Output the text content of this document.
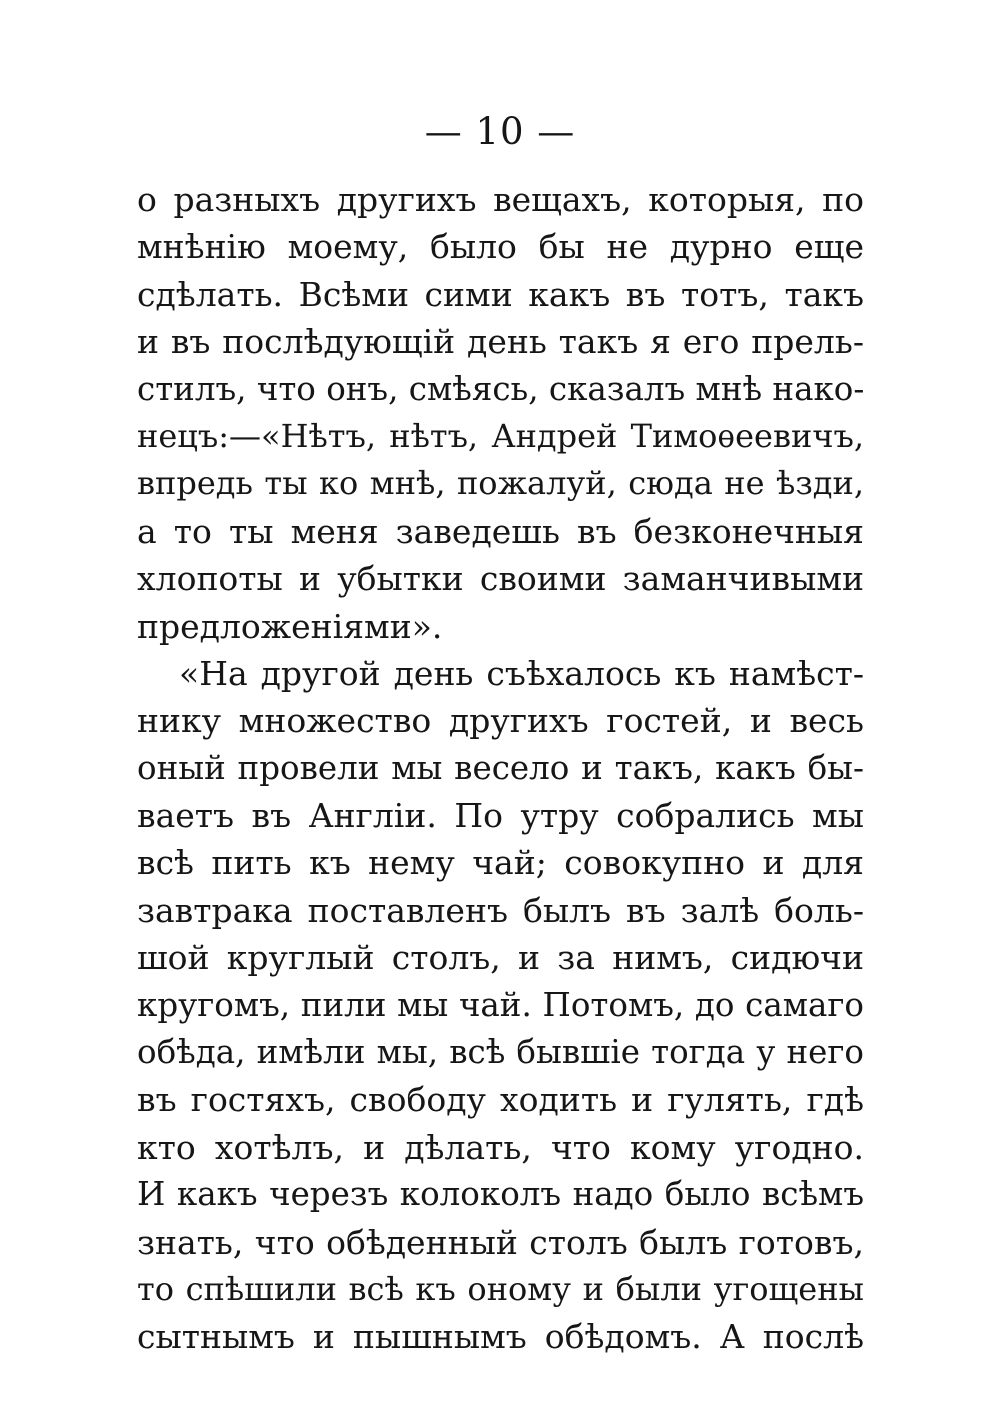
— 10 —
о разныхъ другихъ вещахъ, которыя, по
мнѣнію моему, было бы не дурно еще
сдѣлать. Всѣми сими какъ въ тотъ, такъ
и въ послѣдующій день такъ я его прель-
стилъ, что онъ, смѣясь, сказалъ мнѣ нако-
нецъ:—«Нѣтъ, нѣтъ, Андрей Тимоѳеевичъ,
впредь ты ко мнѣ, пожалуй, сюда не ѣзди,
а то ты меня заведешь въ безконечныя
хлопоты и убытки своими заманчивыми
предложеніями».
«На другой день съѣхалось къ намѣст-
нику множество другихъ гостей, и весь
оный провели мы весело и такъ, какъ бы-
ваетъ въ Англіи. По утру собрались мы
всѣ пить къ нему чай; совокупно и для
завтрака поставленъ былъ въ залѣ боль-
шой круглый столъ, и за нимъ, сидючи
кругомъ, пили мы чай. Потомъ, до самаго
обѣда, имѣли мы, всѣ бывшіе тогда у него
въ гостяхъ, свободу ходить и гулять, гдѣ
кто хотѣлъ, и дѣлать, что кому угодно.
И какъ черезъ колоколъ надо было всѣмъ
знать, что обѣденный столъ былъ готовъ,
то спѣшили всѣ къ оному и были угощены
сытнымъ и пышнымъ обѣдомъ. А послѣ
